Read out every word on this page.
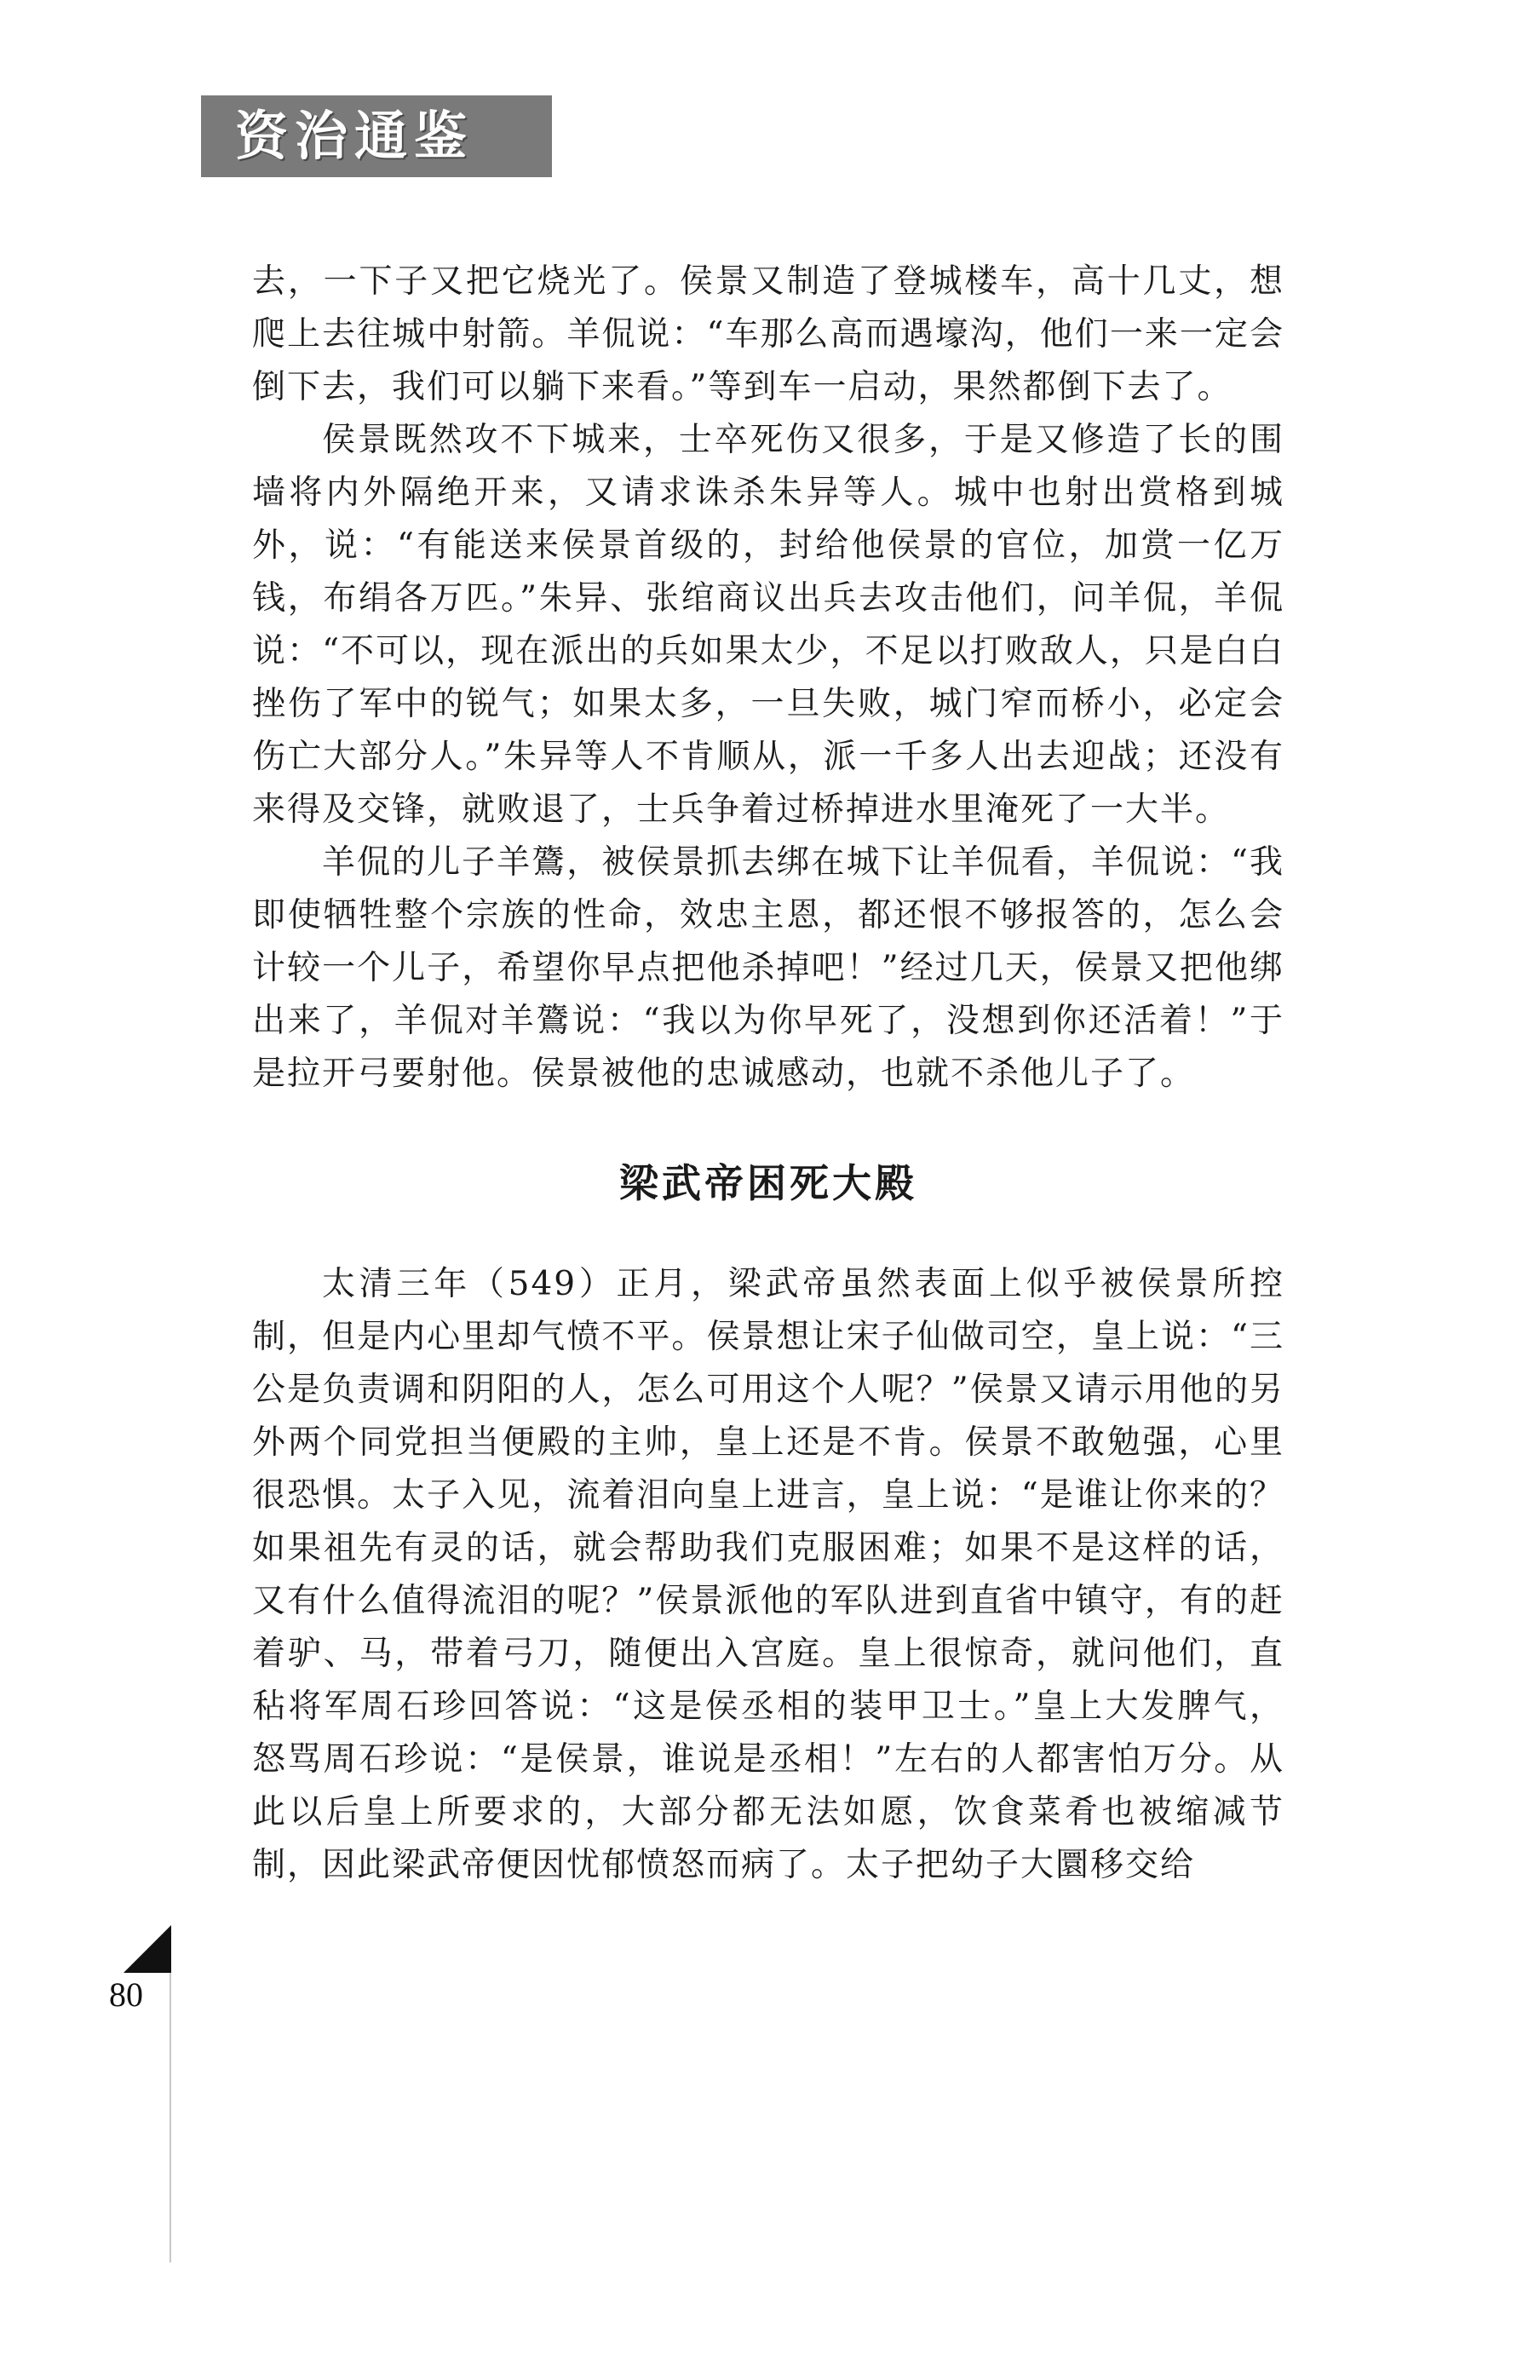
资治通鉴

去，一下子又把它烧光了。侯景又制造了登城楼车，高十几丈，想爬上去往城中射箭。羊侃说：“车那么高而遇壕沟，他们一来一定会倒下去，我们可以躺下来看。”等到车一启动，果然都倒下去了。

侯景既然攻不下城来，士卒死伤又很多，于是又修造了长的围墙将内外隔绝开来，又请求诛杀朱异等人。城中也射出赏格到城外，说：“有能送来侯景首级的，封给他侯景的官位，加赏一亿万钱，布绢各万匹。”朱异、张绾商议出兵去攻击他们，问羊侃，羊侃说：“不可以，现在派出的兵如果太少，不足以打败敌人，只是白白挫伤了军中的锐气；如果太多，一旦失败，城门窄而桥小，必定会伤亡大部分人。”朱异等人不肯顺从，派一千多人出去迎战；还没有来得及交锋，就败退了，士兵争着过桥掉进水里淹死了一大半。

羊侃的儿子羊鷟，被侯景抓去绑在城下让羊侃看，羊侃说：“我即使牺牲整个宗族的性命，效忠主恩，都还恨不够报答的，怎么会计较一个儿子，希望你早点把他杀掉吧！”经过几天，侯景又把他绑出来了，羊侃对羊鷟说：“我以为你早死了，没想到你还活着！”于是拉开弓要射他。侯景被他的忠诚感动，也就不杀他儿子了。

梁武帝困死大殿

太清三年（549）正月，梁武帝虽然表面上似乎被侯景所控制，但是内心里却气愤不平。侯景想让宋子仙做司空，皇上说：“三公是负责调和阴阳的人，怎么可用这个人呢？”侯景又请示用他的另外两个同党担当便殿的主帅，皇上还是不肯。侯景不敢勉强，心里很恐惧。太子入见，流着泪向皇上进言，皇上说：“是谁让你来的？如果祖先有灵的话，就会帮助我们克服困难；如果不是这样的话，又有什么值得流泪的呢？”侯景派他的军队进到直省中镇守，有的赶着驴、马，带着弓刀，随便出入宫庭。皇上很惊奇，就问他们，直秥将军周石珍回答说：“这是侯丞相的装甲卫士。”皇上大发脾气，怒骂周石珍说：“是侯景，谁说是丞相！”左右的人都害怕万分。从此以后皇上所要求的，大部分都无法如愿，饮食菜肴也被缩减节制，因此梁武帝便因忧郁愤怒而病了。太子把幼子大圜移交给

80
